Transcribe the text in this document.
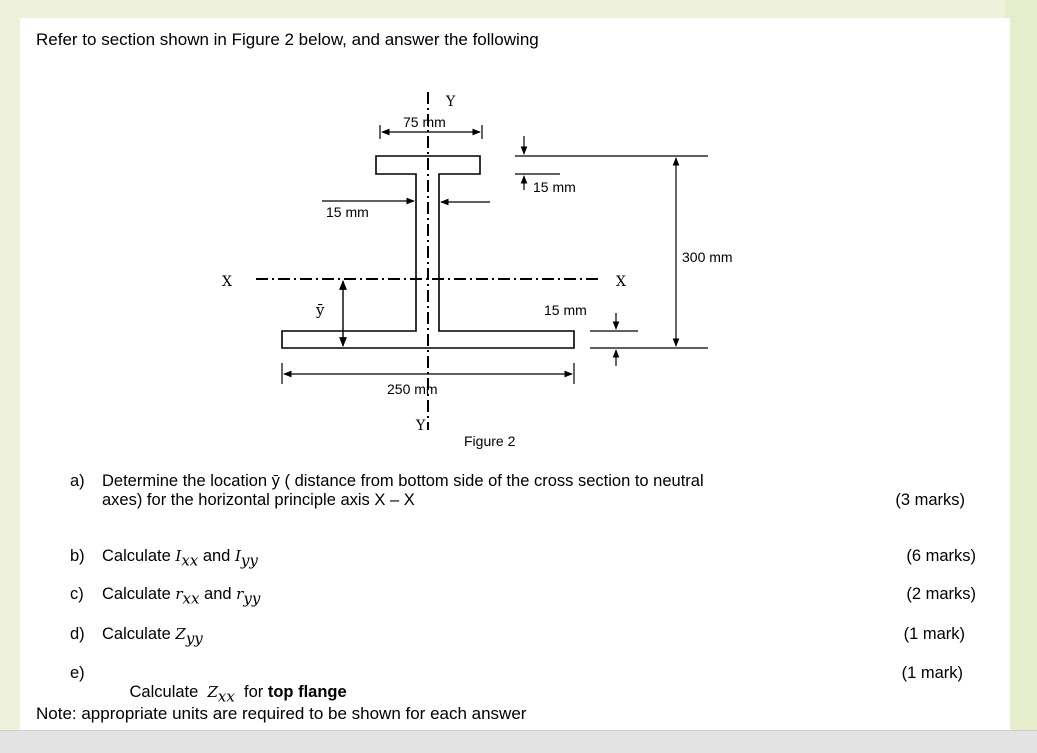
Refer to section shown in Figure 2 below, and answer the following
Y
Y
X	X
75 mm
15 mm
15 mm
300 mm
15 mm
ȳ
250 mm
Figure 2
a) Determine the location ȳ ( distance from bottom side of the cross section to neutral
axes) for the horizontal principle axis X – X	(3 marks)
b) Calculate $I_{xx}$ and $I_{yy}$	(6 marks)
c) Calculate $r_{xx}$ and $r_{yy}$	(2 marks)
d) Calculate $Z_{yy}$	(1 mark)
e)

Calculate  $Z_{xx}$  for top flange

(1 mark)
Note: appropriate units are required to be shown for each answer
